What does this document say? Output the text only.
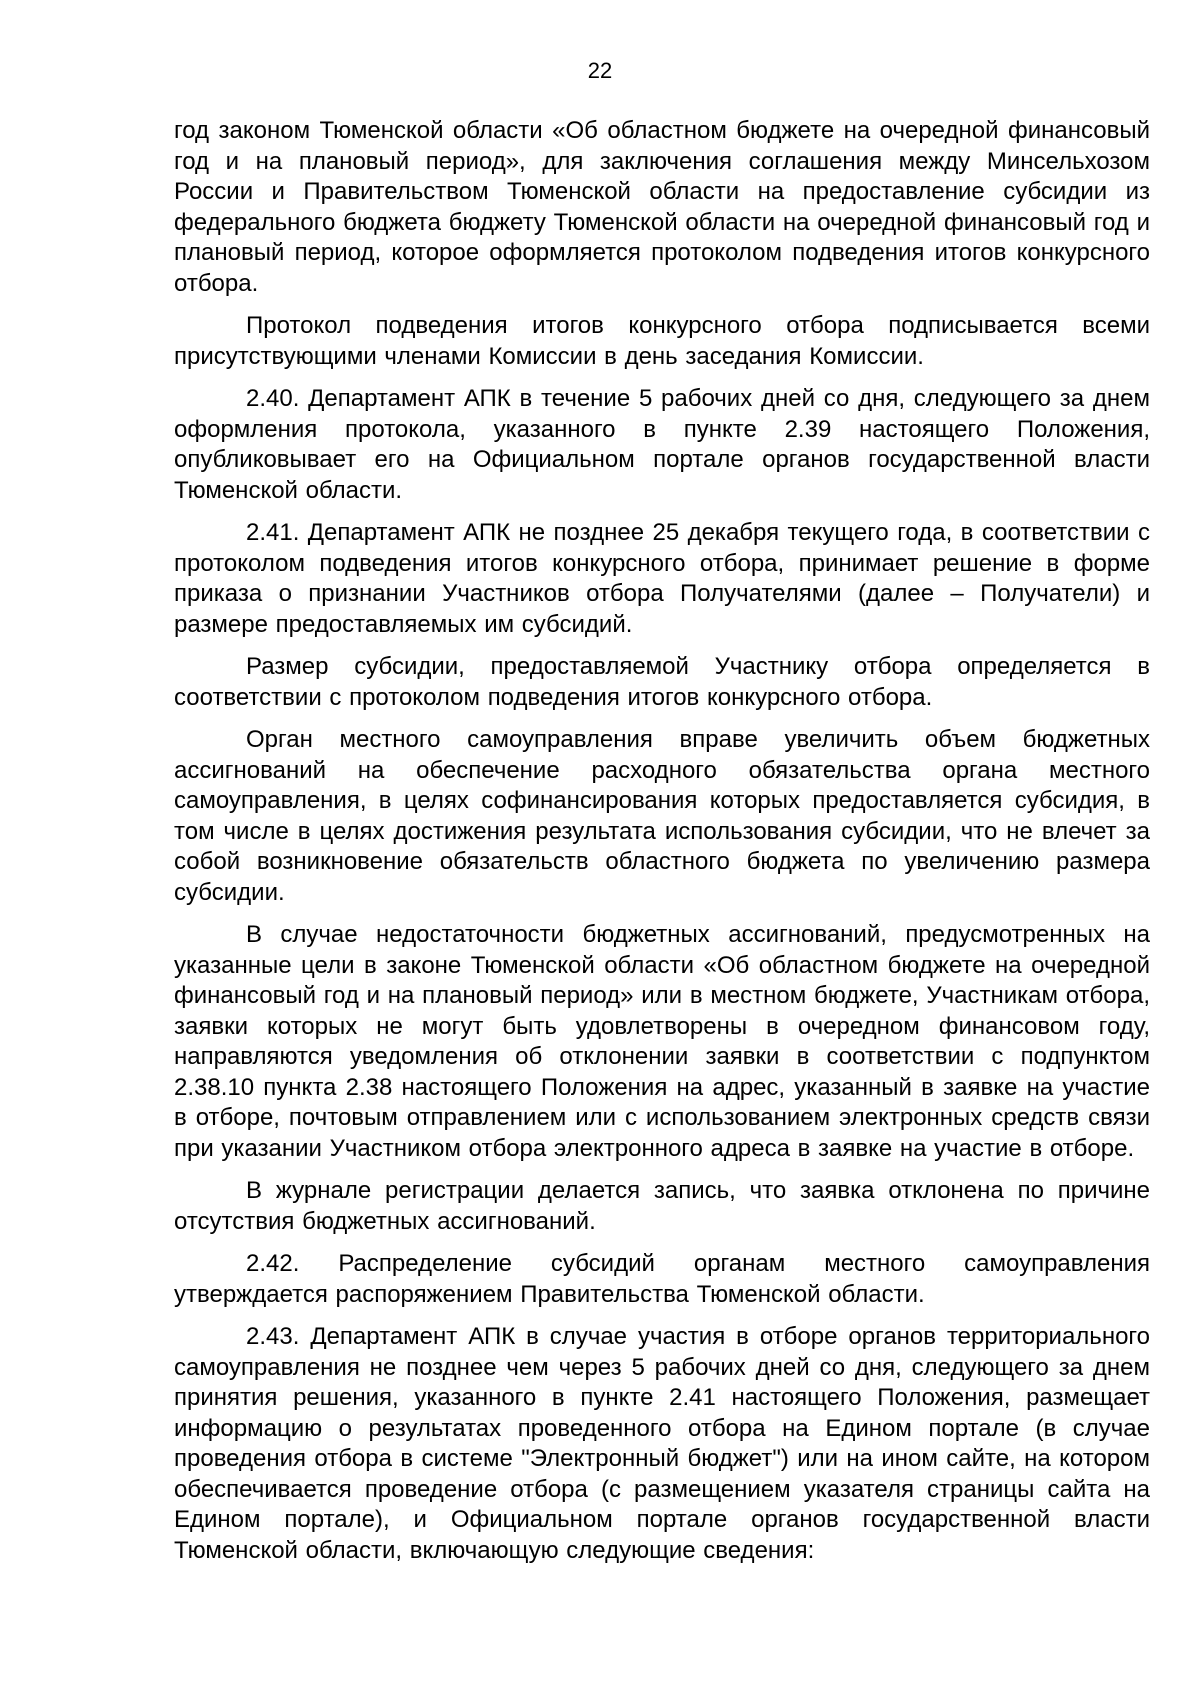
22

год законом Тюменской области «Об областном бюджете на очередной финансовый год и на плановый период», для заключения соглашения между Минсельхозом России и Правительством Тюменской области на предоставление субсидии из федерального бюджета бюджету Тюменской области на очередной финансовый год и плановый период, которое оформляется протоколом подведения итогов конкурсного отбора.

Протокол подведения итогов конкурсного отбора подписывается всеми присутствующими членами Комиссии в день заседания Комиссии.

2.40. Департамент АПК в течение 5 рабочих дней со дня, следующего за днем оформления протокола, указанного в пункте 2.39 настоящего Положения, опубликовывает его на Официальном портале органов государственной власти Тюменской области.

2.41. Департамент АПК не позднее 25 декабря текущего года, в соответствии с протоколом подведения итогов конкурсного отбора, принимает решение в форме приказа о признании Участников отбора Получателями (далее – Получатели) и размере предоставляемых им субсидий.

Размер субсидии, предоставляемой Участнику отбора определяется в соответствии с протоколом подведения итогов конкурсного отбора.

Орган местного самоуправления вправе увеличить объем бюджетных ассигнований на обеспечение расходного обязательства органа местного самоуправления, в целях софинансирования которых предоставляется субсидия, в том числе в целях достижения результата использования субсидии, что не влечет за собой возникновение обязательств областного бюджета по увеличению размера субсидии.

В случае недостаточности бюджетных ассигнований, предусмотренных на указанные цели в законе Тюменской области «Об областном бюджете на очередной финансовый год и на плановый период» или в местном бюджете, Участникам отбора, заявки которых не могут быть удовлетворены в очередном финансовом году, направляются уведомления об отклонении заявки в соответствии с подпунктом 2.38.10 пункта 2.38 настоящего Положения на адрес, указанный в заявке на участие в отборе, почтовым отправлением или с использованием электронных средств связи при указании Участником отбора электронного адреса в заявке на участие в отборе.

В журнале регистрации делается запись, что заявка отклонена по причине отсутствия бюджетных ассигнований.

2.42. Распределение субсидий органам местного самоуправления утверждается распоряжением Правительства Тюменской области.

2.43. Департамент АПК в случае участия в отборе органов территориального самоуправления не позднее чем через 5 рабочих дней со дня, следующего за днем принятия решения, указанного в пункте 2.41 настоящего Положения, размещает информацию о результатах проведенного отбора на Едином портале (в случае проведения отбора в системе "Электронный бюджет") или на ином сайте, на котором обеспечивается проведение отбора (с размещением указателя страницы сайта на Едином портале), и Официальном портале органов государственной власти Тюменской области, включающую следующие сведения:
